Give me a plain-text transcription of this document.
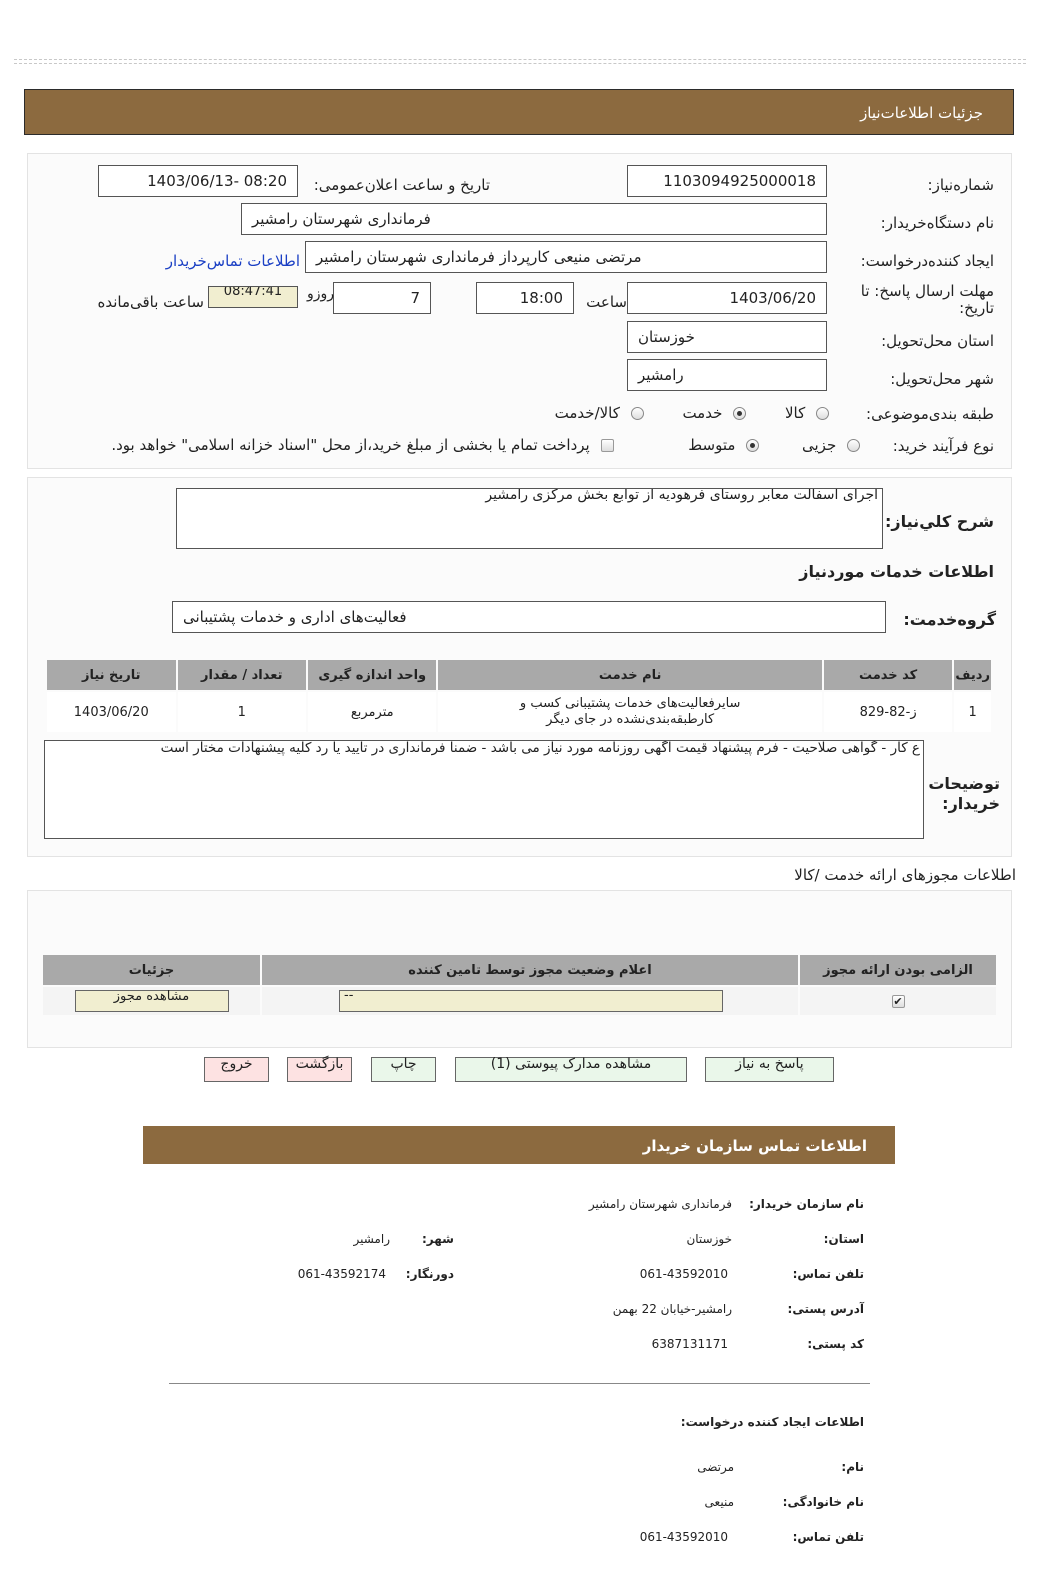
جزئیات اطلاعات‌نیاز
شماره‌نیاز:
1103094925000018
تاریخ و ساعت اعلان‌عمومی:
1403/06/13- 08:20
نام دستگاه‌خریدار:
فرمانداری شهرستان رامشیر
ایجاد کننده‌درخواست:
مرتضی منیعی کارپرداز فرمانداری شهرستان رامشیر
اطلاعات تماس‌خریدار
مهلت ارسال پاسخ: تا تاریخ:
1403/06/20
ساعت
18:00
7
روزو
08:47:41
ساعت باقی‌مانده
استان محل‌تحویل:
خوزستان
شهر محل‌تحویل:
رامشیر
طبقه بندی‌موضوعی:
کالا  خدمت  کالا/خدمت
نوع فرآیند خرید:
جزیی  متوسط  پرداخت تمام یا بخشی از مبلغ خرید،از محل "اسناد خزانه اسلامی" خواهد بود.
شرح کلي‌نياز:
اجرای اسفالت معابر روستای فرهودیه از توابع بخش مرکزی رامشیر
اطلاعات خدمات موردنیاز
گروه‌خدمت:
فعالیت‌های اداری و خدمات پشتیبانی
ردیف	کد خدمت	نام خدمت	واحد اندازه گیری	تعداد / مقدار	تاریخ نیاز
1	ز-82-829	سایرفعالیت‌های خدمات پشتیبانی کسب و کارطبقه‌بندی‌نشده در جای دیگر	مترمربع	1	1403/06/20
توضیحات خریدار:
ع کار - گواهی صلاحیت - فرم پیشنهاد قیمت اگهی روزنامه مورد نیاز می باشد - ضمنا فرمانداری در تایید یا رد کلیه پیشنهادات مختار است
اطلاعات مجوزهای ارائه خدمت /کالا
الزامی بودن ارائه مجوز	اعلام وضعیت مجوز توسط تامین کننده	جزئیات
✔	--	مشاهده مجوز
پاسخ به نیاز
مشاهده مدارک پیوستی (1)
چاپ
بازگشت
خروج
اطلاعات تماس سازمان خریدار
نام سازمان خریدار:
فرمانداری شهرستان رامشیر
استان:
خوزستان
شهر:
رامشیر
تلفن تماس:
061-43592010
دورنگار:
061-43592174
آدرس پستی:
رامشیر-خیابان 22 بهمن
کد پستی:
6387131171
اطلاعات ایجاد کننده درخواست:
نام:
مرتضی
نام خانوادگی:
منیعی
تلفن تماس:
061-43592010
